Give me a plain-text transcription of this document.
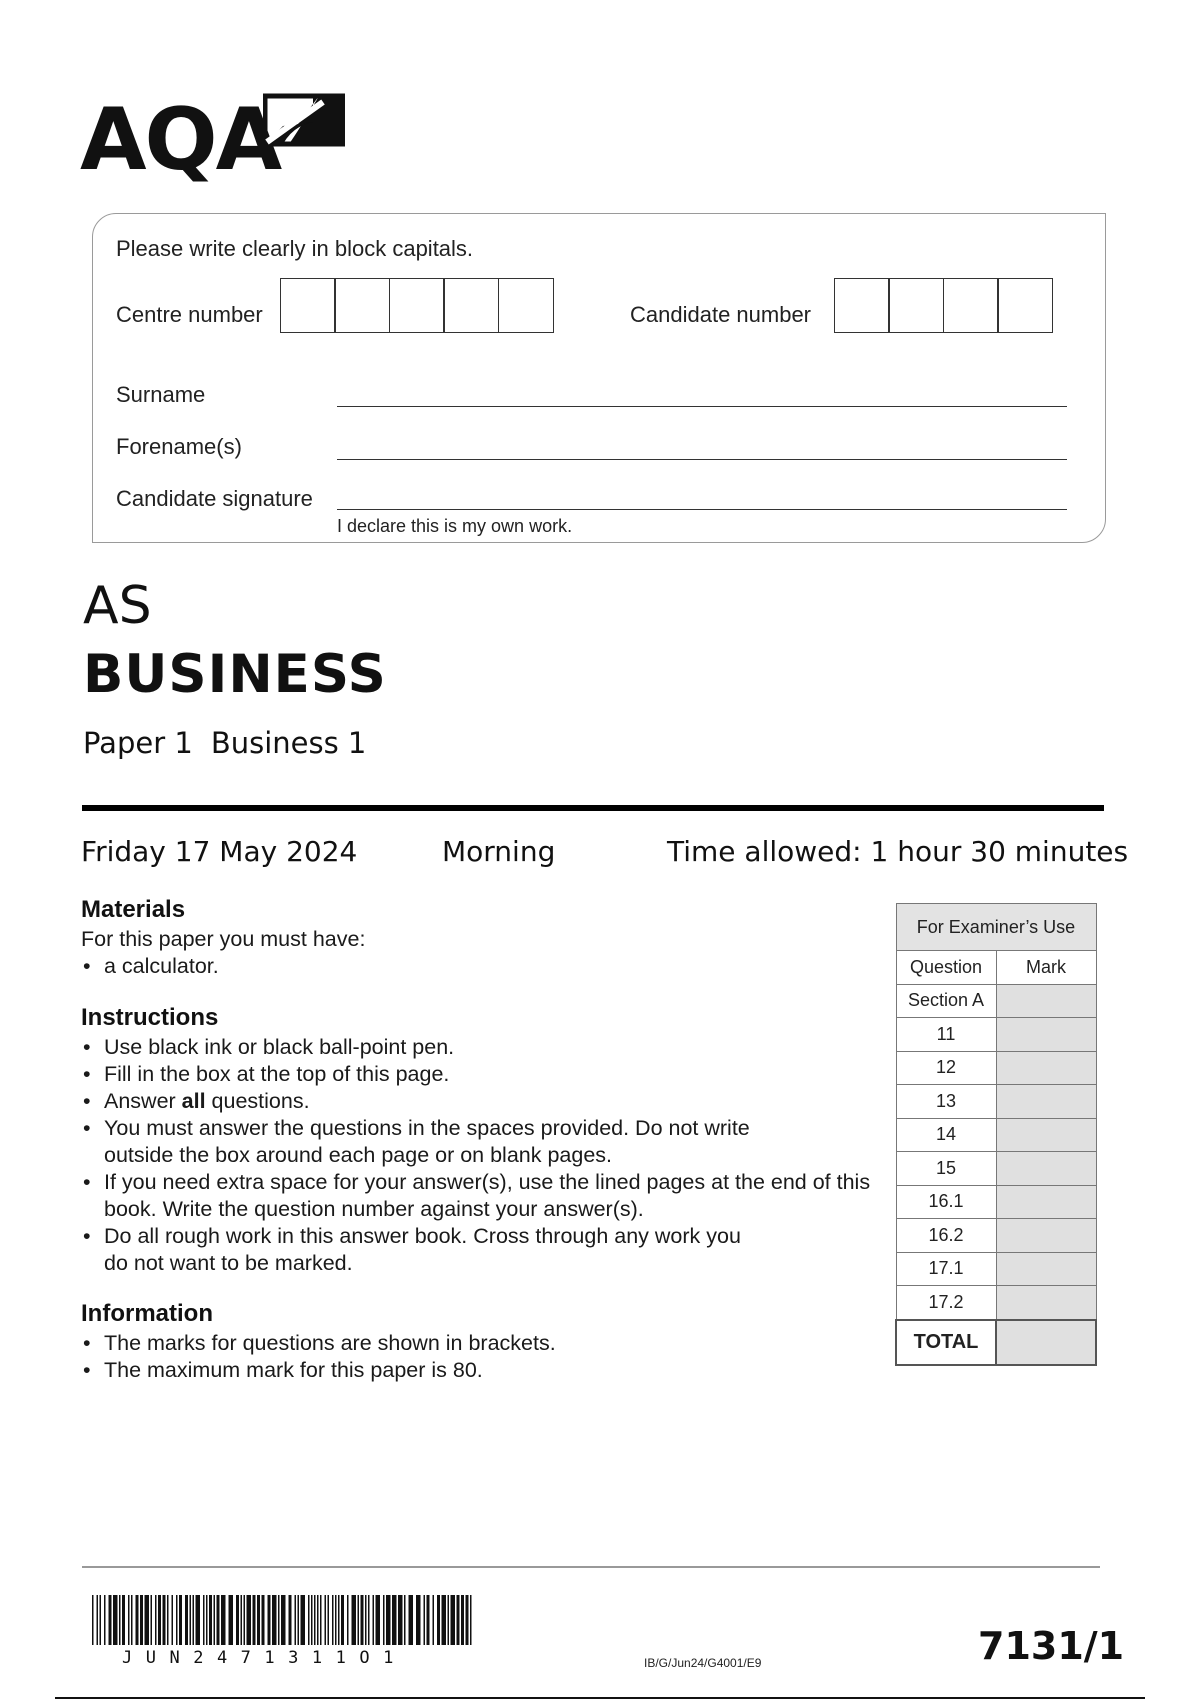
AQA
Please write clearly in block capitals.
Centre number	Candidate number
Surname
Forename(s)
Candidate signature
I declare this is my own work.
AS
BUSINESS
Paper 1 Business 1
Friday 17 May 2024	Morning	Time allowed: 1 hour 30 minutes
Materials
For this paper you must have:
• a calculator.
Instructions
• Use black ink or black ball-point pen.
• Fill in the box at the top of this page.
• Answer all questions.
• You must answer the questions in the spaces provided. Do not write outside the box around each page or on blank pages.
• If you need extra space for your answer(s), use the lined pages at the end of this book. Write the question number against your answer(s).
• Do all rough work in this answer book. Cross through any work you do not want to be marked.
Information
• The marks for questions are shown in brackets.
• The maximum mark for this paper is 80.
For Examiner’s Use	
Question	Mark
Section A	
11	
12	
13	
14	
15	
16.1	
16.2	
17.1	
17.2	
TOTAL	
JUN2471311O1	IB/G/Jun24/G4001/E9	7131/1
